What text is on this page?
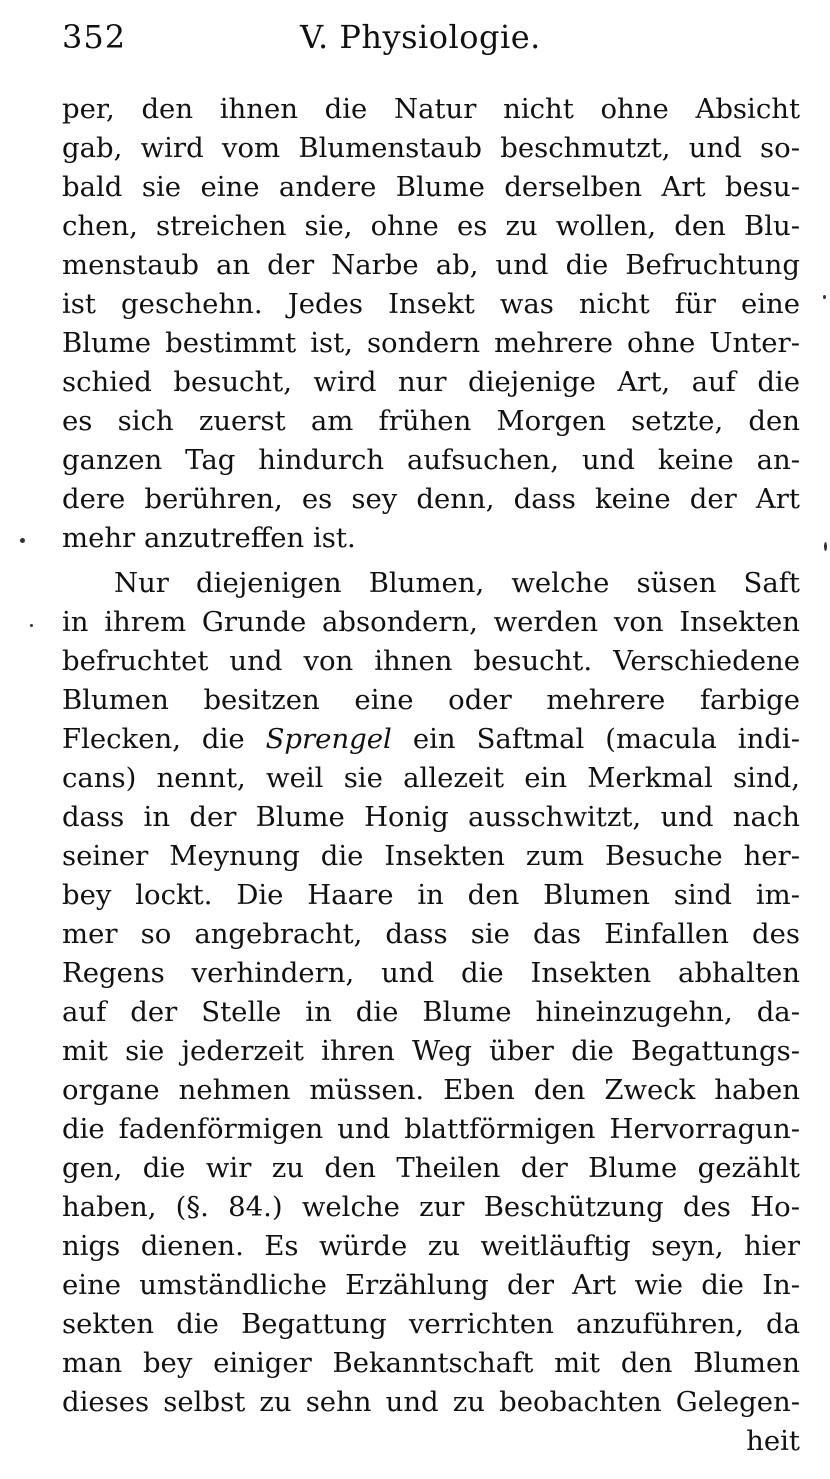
352	V. Physiologie.
per, den ihnen die Natur nicht ohne Absicht
gab, wird vom Blumenstaub beschmutzt, und so-
bald sie eine andere Blume derselben Art besu-
chen, streichen sie, ohne es zu wollen, den Blu-
menstaub an der Narbe ab, und die Befruchtung
ist geschehn. Jedes Insekt was nicht für eine
Blume bestimmt ist, sondern mehrere ohne Unter-
schied besucht, wird nur diejenige Art, auf die
es sich zuerst am frühen Morgen setzte, den
ganzen Tag hindurch aufsuchen, und keine an-
dere berühren, es sey denn, dass keine der Art
mehr anzutreffen ist.
Nur diejenigen Blumen, welche süsen Saft
in ihrem Grunde absondern, werden von Insekten
befruchtet und von ihnen besucht. Verschiedene
Blumen besitzen eine oder mehrere farbige
Flecken, die Sprengel ein Saftmal (macula indi-
cans) nennt, weil sie allezeit ein Merkmal sind,
dass in der Blume Honig ausschwitzt, und nach
seiner Meynung die Insekten zum Besuche her-
bey lockt. Die Haare in den Blumen sind im-
mer so angebracht, dass sie das Einfallen des
Regens verhindern, und die Insekten abhalten
auf der Stelle in die Blume hineinzugehn, da-
mit sie jederzeit ihren Weg über die Begattungs-
organe nehmen müssen. Eben den Zweck haben
die fadenförmigen und blattförmigen Hervorragun-
gen, die wir zu den Theilen der Blume gezählt
haben, (§. 84.) welche zur Beschützung des Ho-
nigs dienen. Es würde zu weitläuftig seyn, hier
eine umständliche Erzählung der Art wie die In-
sekten die Begattung verrichten anzuführen, da
man bey einiger Bekanntschaft mit den Blumen
dieses selbst zu sehn und zu beobachten Gelegen-
heit
